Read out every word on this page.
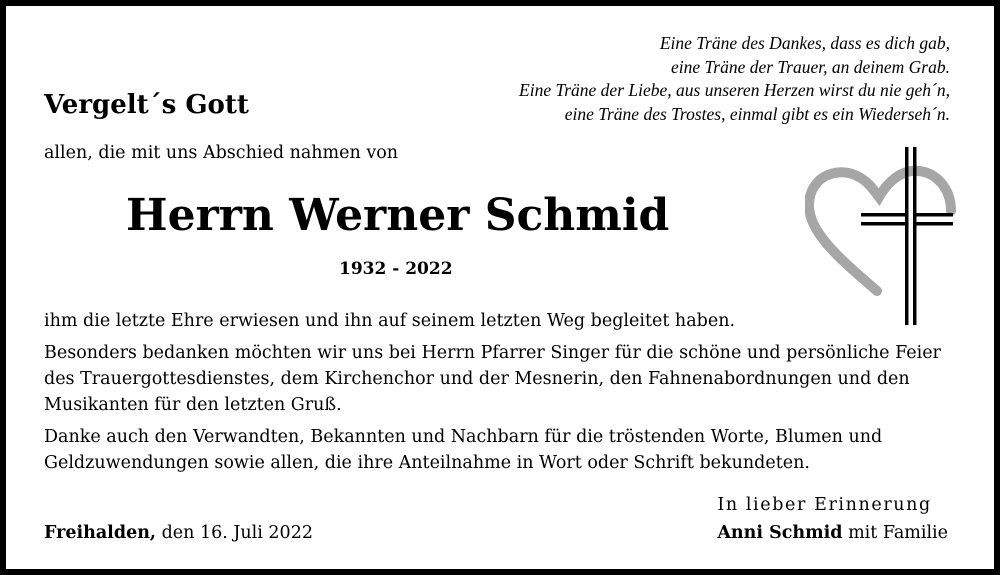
Eine Träne des Dankes, dass es dich gab,
eine Träne der Trauer, an deinem Grab.
Eine Träne der Liebe, aus unseren Herzen wirst du nie geh´n,
eine Träne des Trostes, einmal gibt es ein Wiederseh´n.
Vergelt´s Gott
allen, die mit uns Abschied nahmen von
Herrn Werner Schmid
1932 - 2022

ihm die letzte Ehre erwiesen und ihn auf seinem letzten Weg begleitet haben.

Besonders bedanken möchten wir uns bei Herrn Pfarrer Singer für die schöne und persönliche Feier des Trauergottesdienstes, dem Kirchenchor und der Mesnerin, den Fahnenabordnungen und den Musikanten für den letzten Gruß.

Danke auch den Verwandten, Bekannten und Nachbarn für die tröstenden Worte, Blumen und Geldzuwendungen sowie allen, die ihre Anteilnahme in Wort oder Schrift bekundeten.

Freihalden, den 16. Juli 2022
In lieber Erinnerung
Anni Schmid mit Familie
